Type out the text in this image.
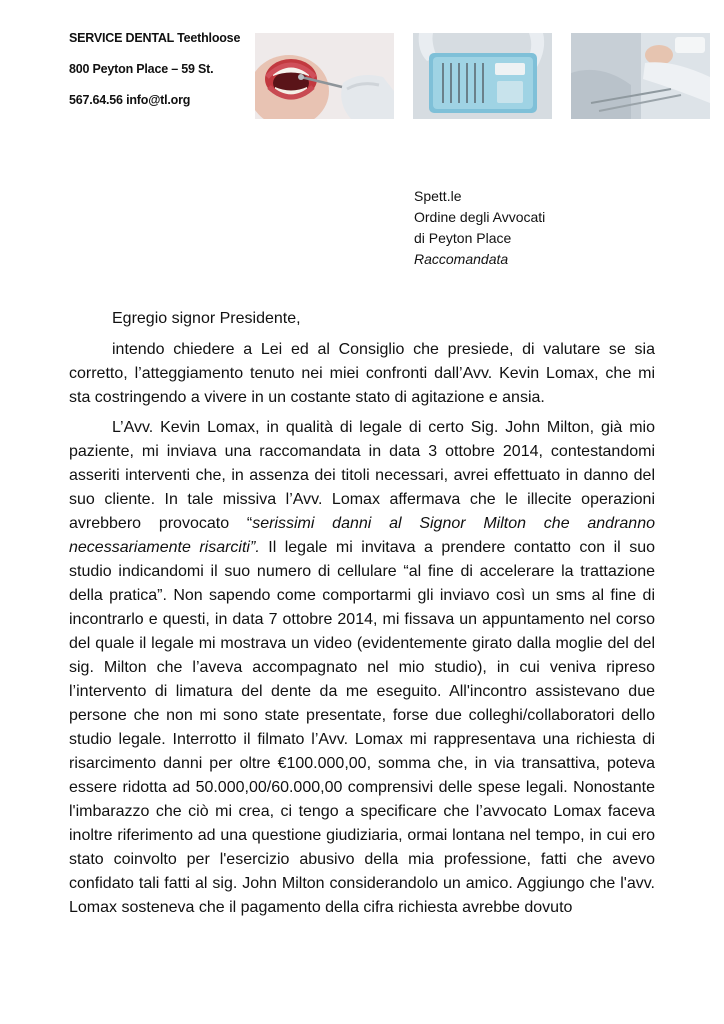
SERVICE DENTAL Teethloose
800 Peyton Place – 59 St.
567.64.56 info@tl.org
Spett.le
Ordine degli Avvocati
di Peyton Place
Raccomandata
Egregio signor Presidente,

intendo chiedere a Lei ed al Consiglio che presiede, di valutare se sia corretto, l’atteggiamento tenuto nei miei confronti dall’Avv. Kevin Lomax, che mi sta costringendo a vivere in un costante stato di agitazione e ansia.

L’Avv. Kevin Lomax, in qualità di legale di certo Sig. John Milton, già mio paziente, mi inviava una raccomandata in data 3 ottobre 2014, contestandomi asseriti interventi che, in assenza dei titoli necessari, avrei effettuato in danno del suo cliente. In tale missiva l’Avv. Lomax affermava che le illecite operazioni avrebbero provocato “serissimi danni al Signor Milton che andranno necessariamente risarciti”. Il legale mi invitava a prendere contatto con il suo studio indicandomi il suo numero di cellulare “al fine di accelerare la trattazione della pratica”. Non sapendo come comportarmi gli inviavo così un sms al fine di incontrarlo e questi, in data 7 ottobre 2014, mi fissava un appuntamento nel corso del quale il legale mi mostrava un video (evidentemente girato dalla moglie del del sig. Milton che l’aveva accompagnato nel mio studio), in cui veniva ripreso l’intervento di limatura del dente da me eseguito. All'incontro assistevano due persone che non mi sono state presentate, forse due colleghi/collaboratori dello studio legale. Interrotto il filmato l’Avv. Lomax mi rappresentava una richiesta di risarcimento danni per oltre €100.000,00, somma che, in via transattiva, poteva essere ridotta ad 50.000,00/60.000,00 comprensivi delle spese legali. Nonostante l'imbarazzo che ciò mi crea, ci tengo a specificare che l’avvocato Lomax faceva inoltre riferimento ad una questione giudiziaria, ormai lontana nel tempo, in cui ero stato coinvolto per l'esercizio abusivo della mia professione, fatti che avevo confidato tali fatti al sig. John Milton considerandolo un amico. Aggiungo che l'avv. Lomax sosteneva che il pagamento della cifra richiesta avrebbe dovuto
